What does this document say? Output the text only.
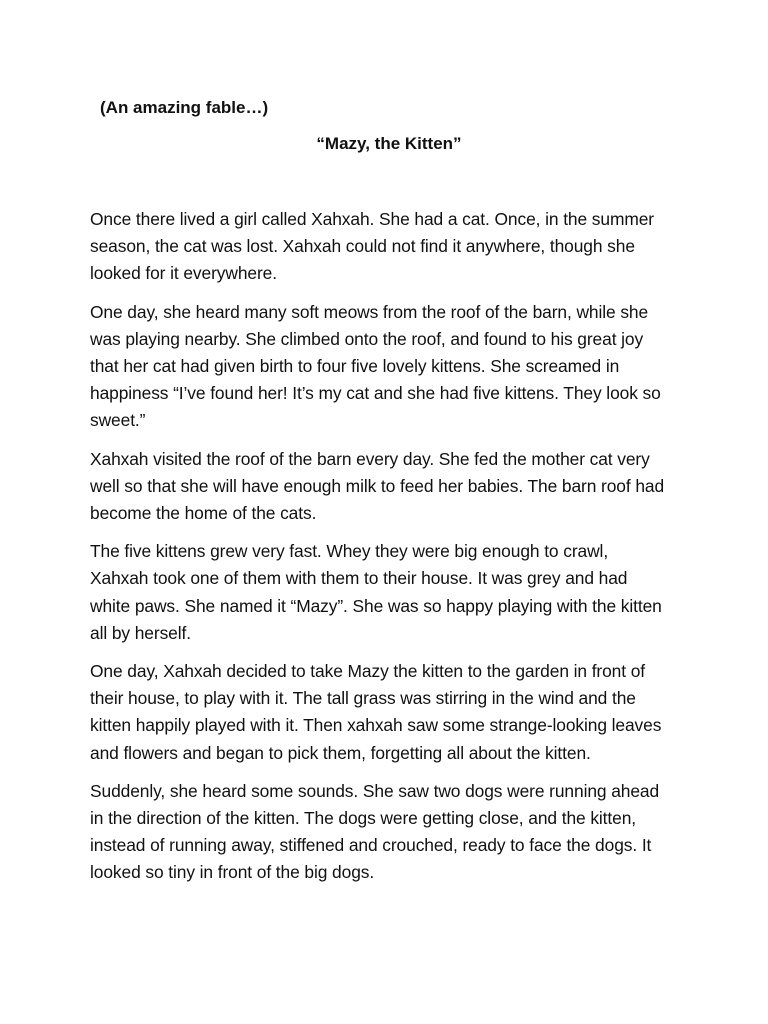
(An amazing fable…)
“Mazy, the Kitten”

Once there lived a girl called Xahxah. She had a cat. Once, in the summer season, the cat was lost. Xahxah could not find it anywhere, though she looked for it everywhere.

One day, she heard many soft meows from the roof of the barn, while she was playing nearby. She climbed onto the roof, and found to his great joy that her cat had given birth to four five lovely kittens. She screamed in happiness “I’ve found her! It’s my cat and she had five kittens. They look so sweet.”

Xahxah visited the roof of the barn every day. She fed the mother cat very well so that she will have enough milk to feed her babies. The barn roof had become the home of the cats.

The five kittens grew very fast. Whey they were big enough to crawl, Xahxah took one of them with them to their house. It was grey and had white paws. She named it “Mazy”. She was so happy playing with the kitten all by herself.

One day, Xahxah decided to take Mazy the kitten to the garden in front of their house, to play with it. The tall grass was stirring in the wind and the kitten happily played with it. Then xahxah saw some strange-looking leaves and flowers and began to pick them, forgetting all about the kitten.

Suddenly, she heard some sounds. She saw two dogs were running ahead in the direction of the kitten. The dogs were getting close, and the kitten, instead of running away, stiffened and crouched, ready to face the dogs. It looked so tiny in front of the big dogs.
